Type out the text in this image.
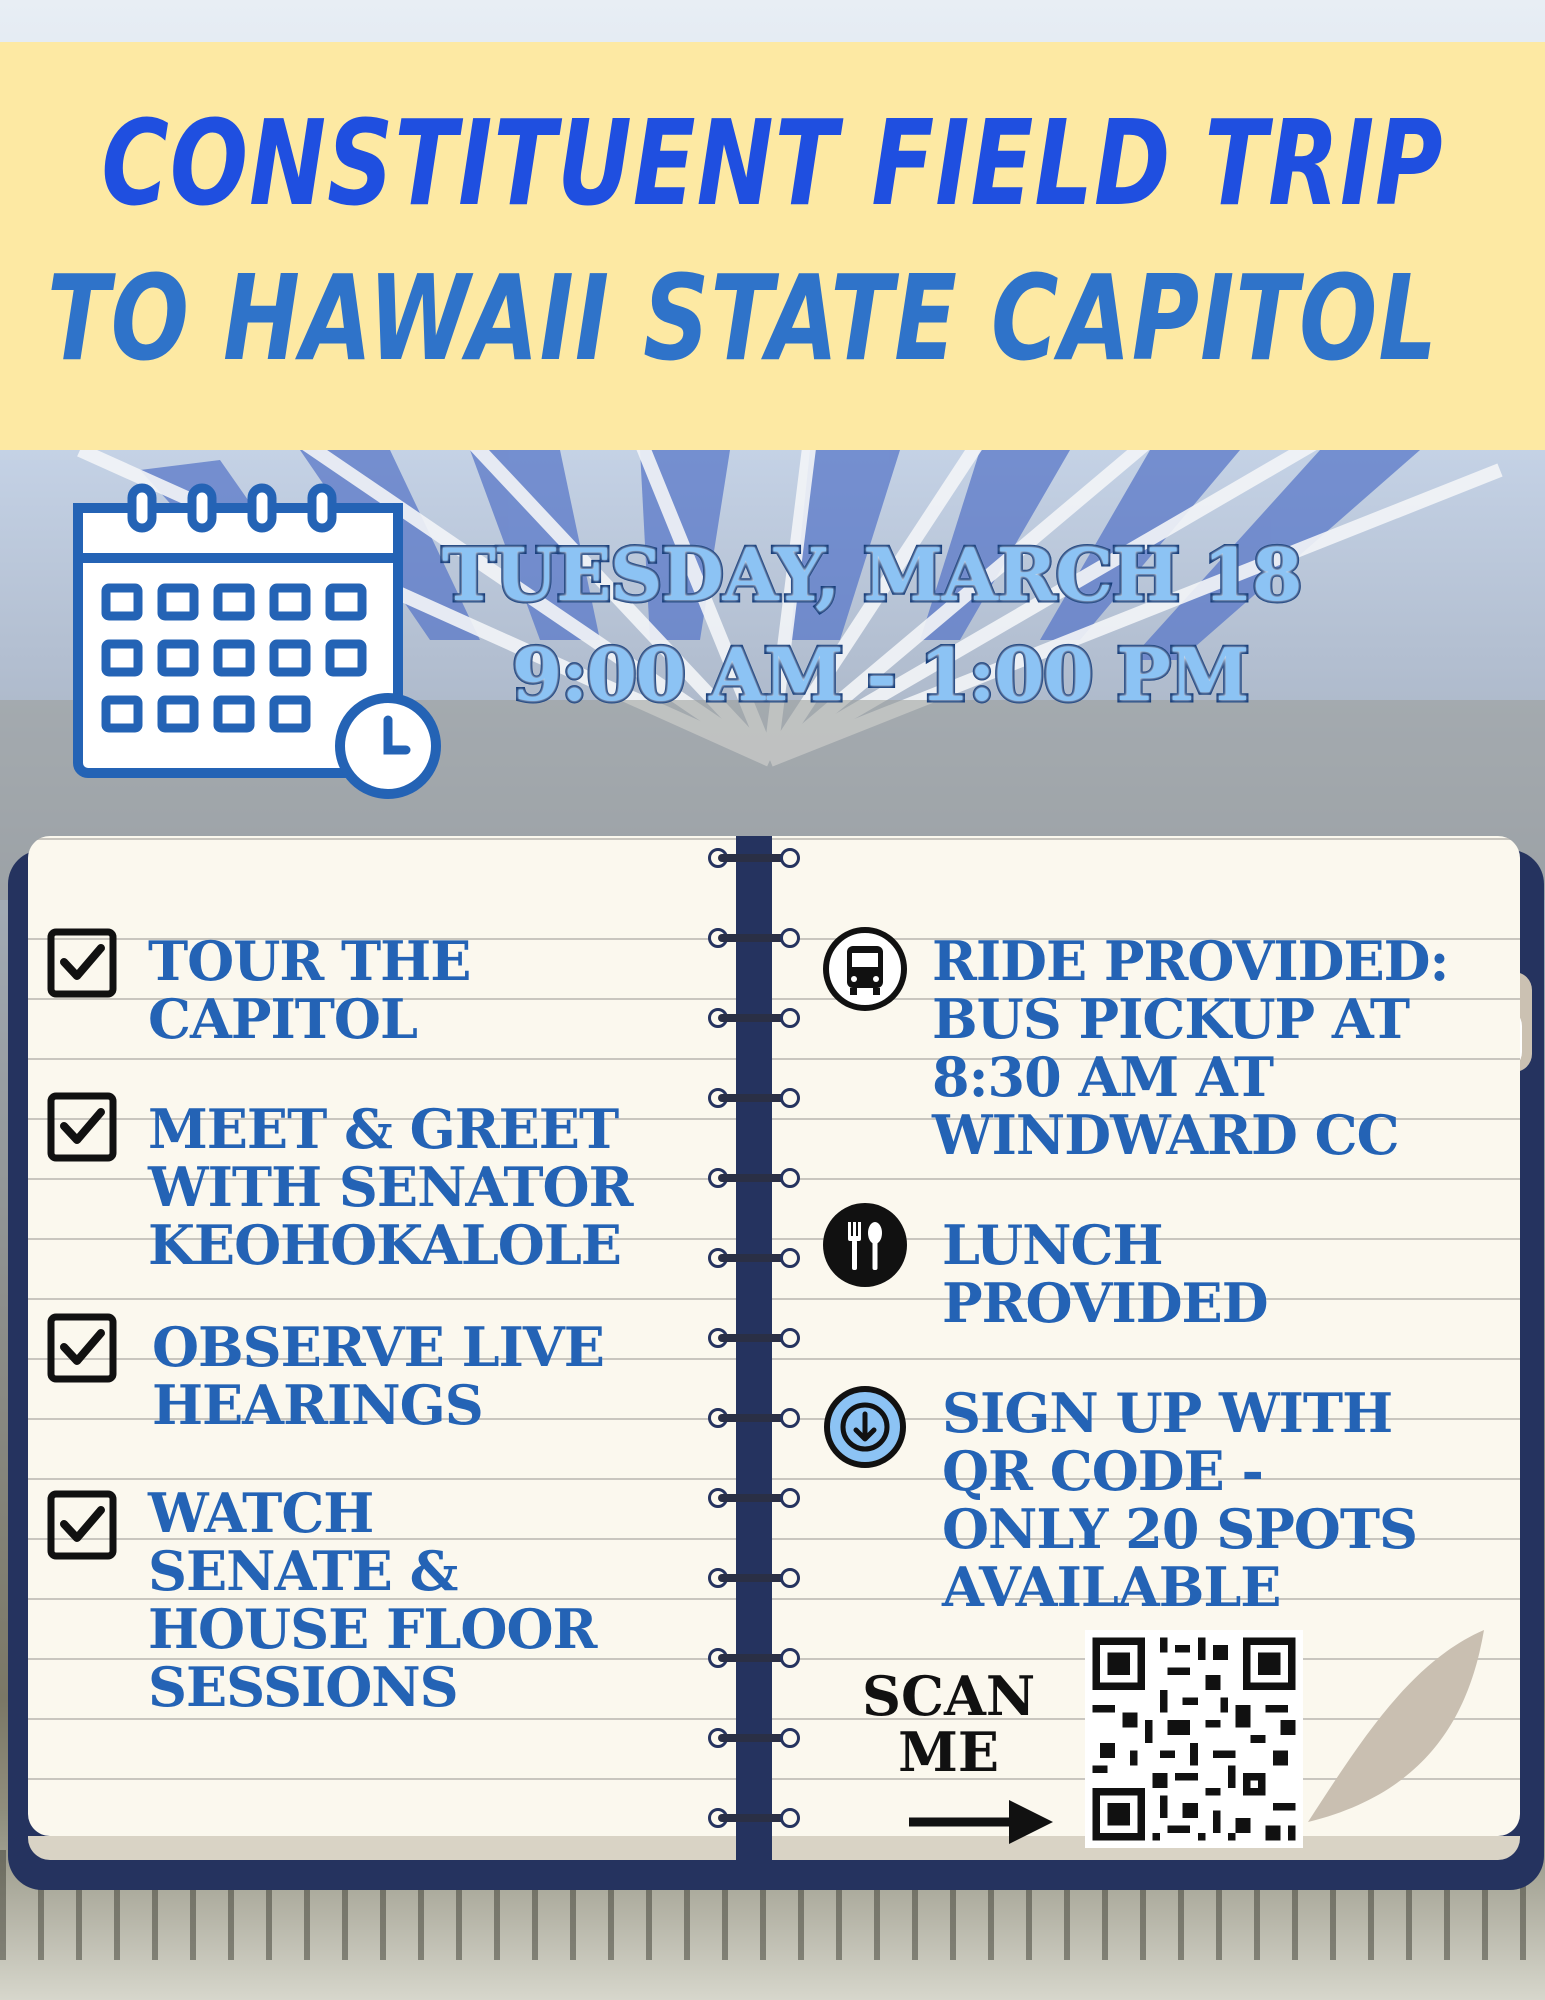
CONSTITUENT FIELD TRIP
TO HAWAII STATE CAPITOL
TUESDAY, MARCH 18
9:00 AM - 1:00 PM
TOUR THE
CAPITOL
MEET & GREET
WITH SENATOR
KEOHOKALOLE
OBSERVE LIVE
HEARINGS
WATCH
SENATE &
HOUSE FLOOR
SESSIONS
RIDE PROVIDED:
BUS PICKUP AT
8:30 AM AT
WINDWARD CC
LUNCH
PROVIDED
SIGN UP WITH
QR CODE -
ONLY 20 SPOTS
AVAILABLE
SCAN
ME
